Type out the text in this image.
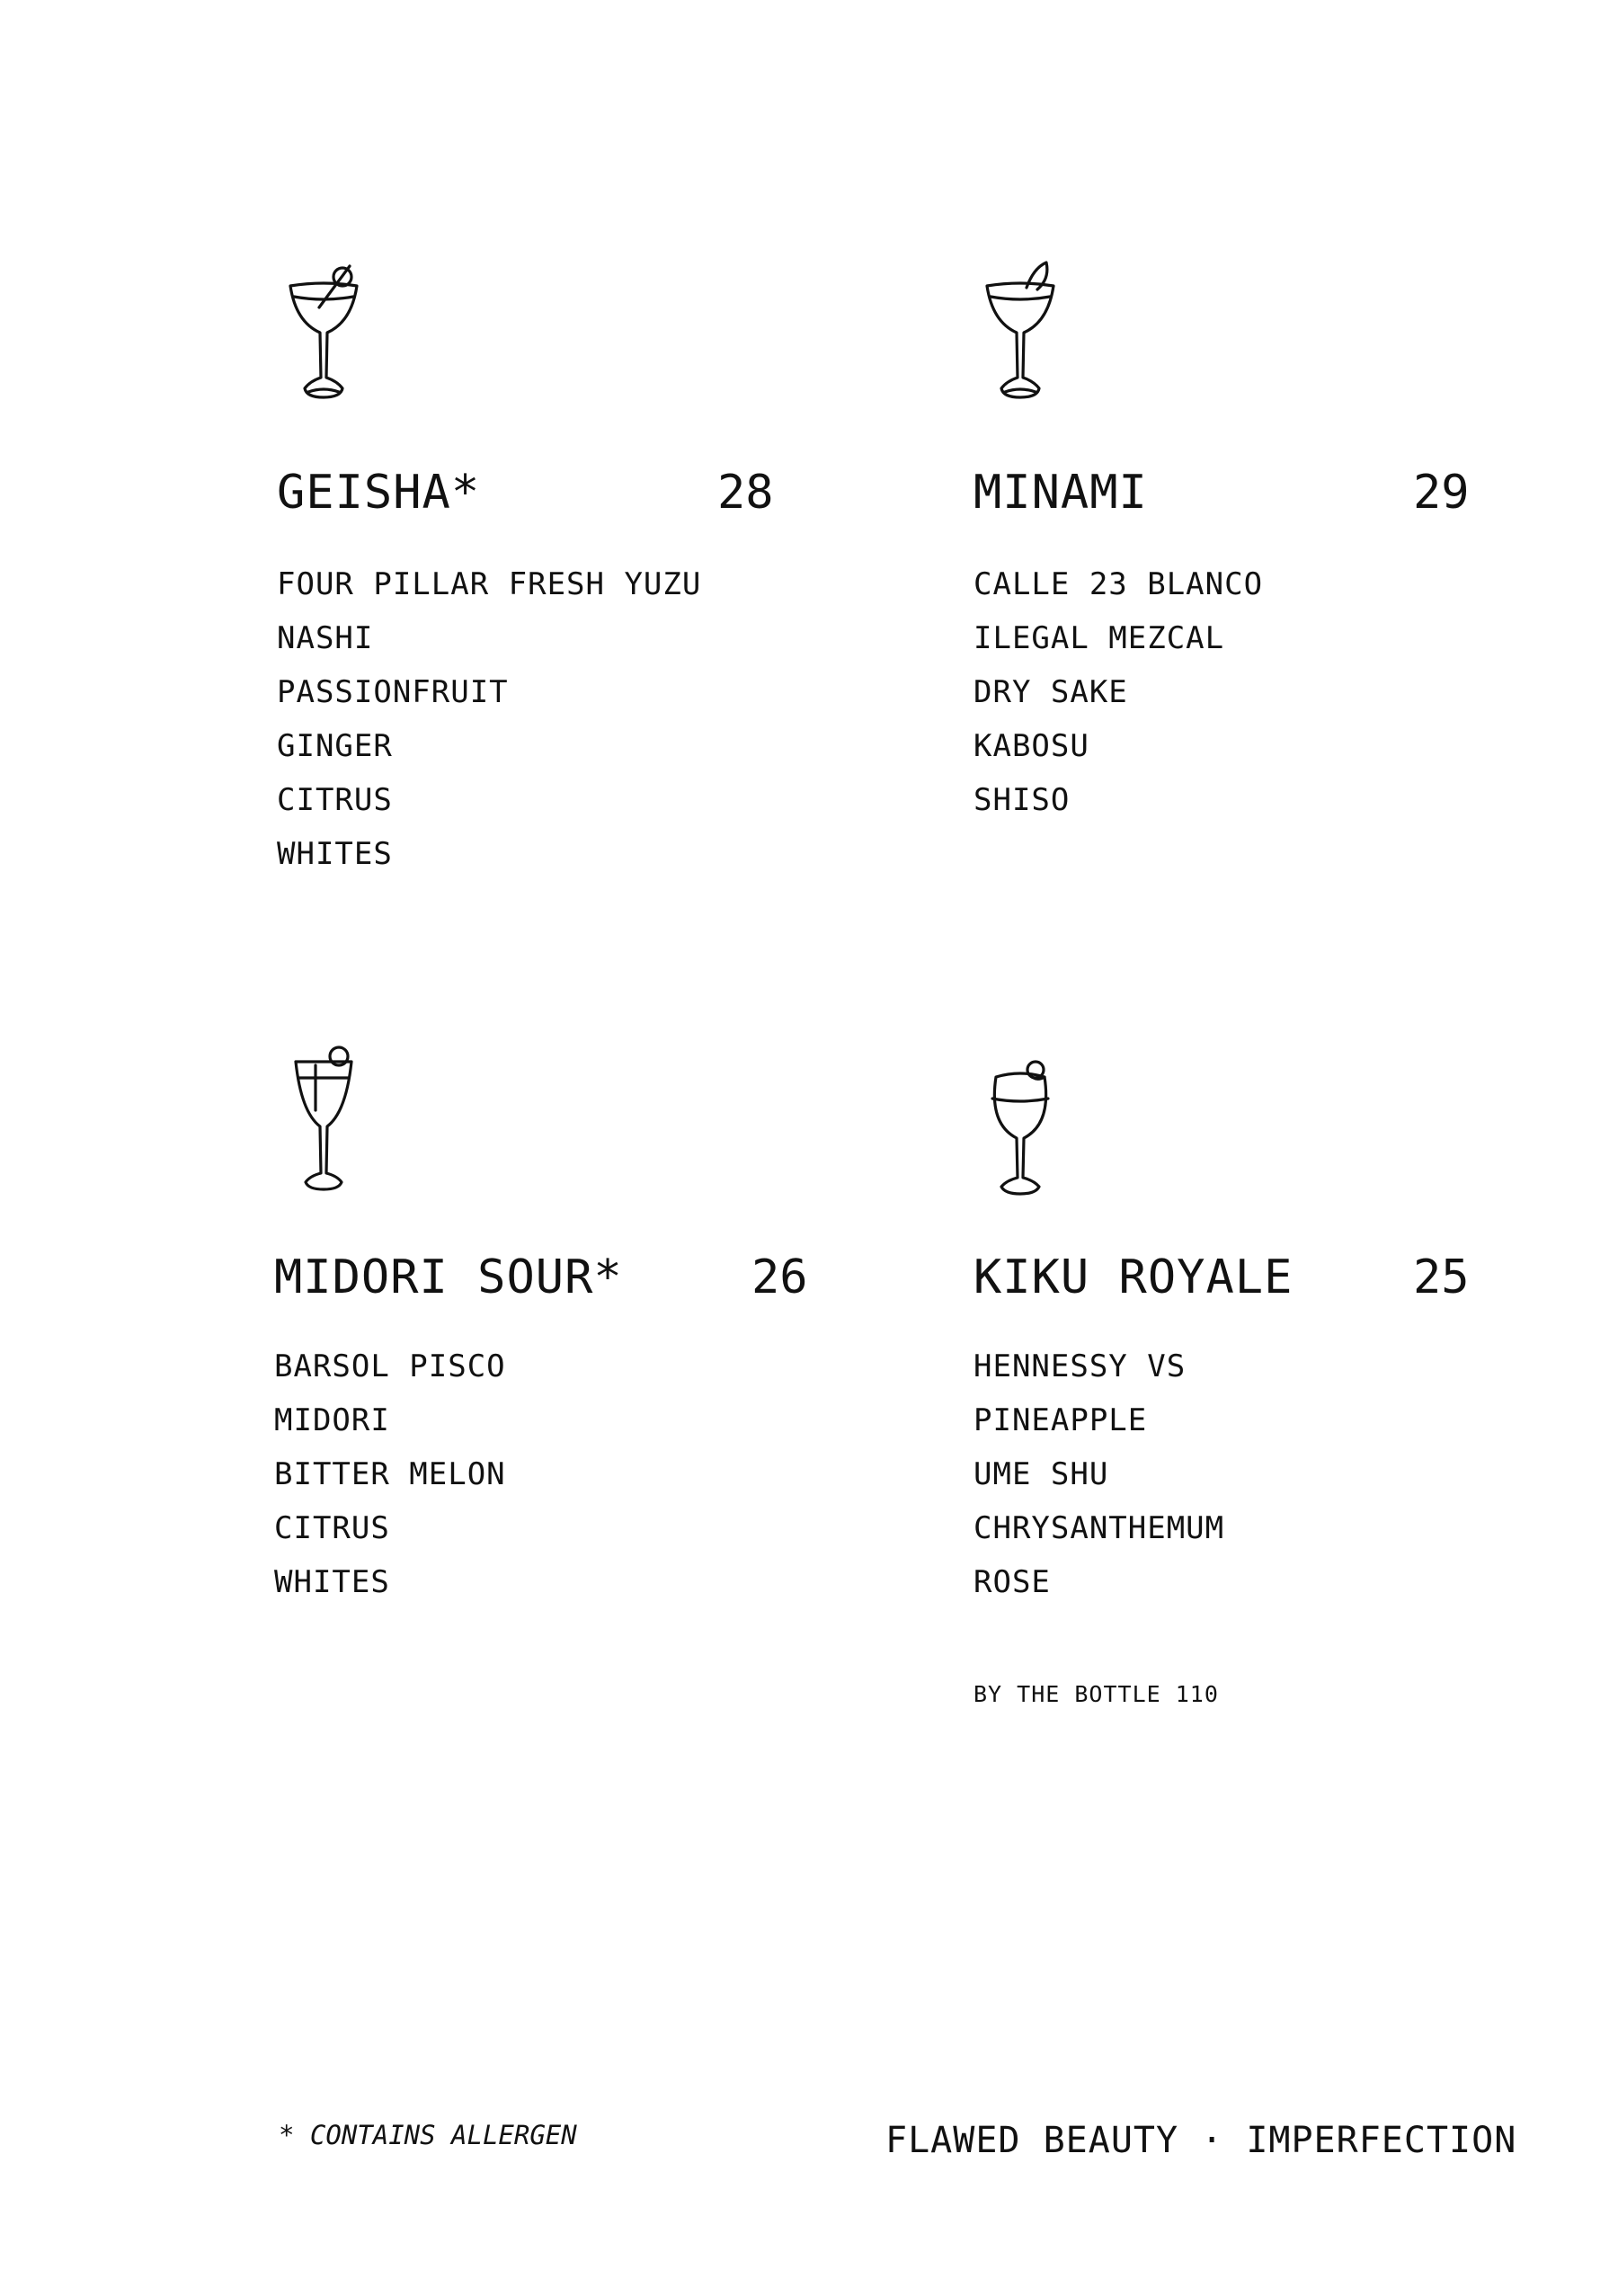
GEISHA*	28
FOUR PILLAR FRESH YUZU
NASHI
PASSIONFRUIT
GINGER
CITRUS
WHITES
MINAMI	29
CALLE 23 BLANCO
ILEGAL MEZCAL
DRY SAKE
KABOSU
SHISO
MIDORI SOUR*	26
BARSOL PISCO
MIDORI
BITTER MELON
CITRUS
WHITES
KIKU ROYALE	25
HENNESSY VS
PINEAPPLE
UME SHU
CHRYSANTHEMUM
ROSE
BY THE BOTTLE 110
* CONTAINS ALLERGEN	FLAWED BEAUTY · IMPERFECTION
